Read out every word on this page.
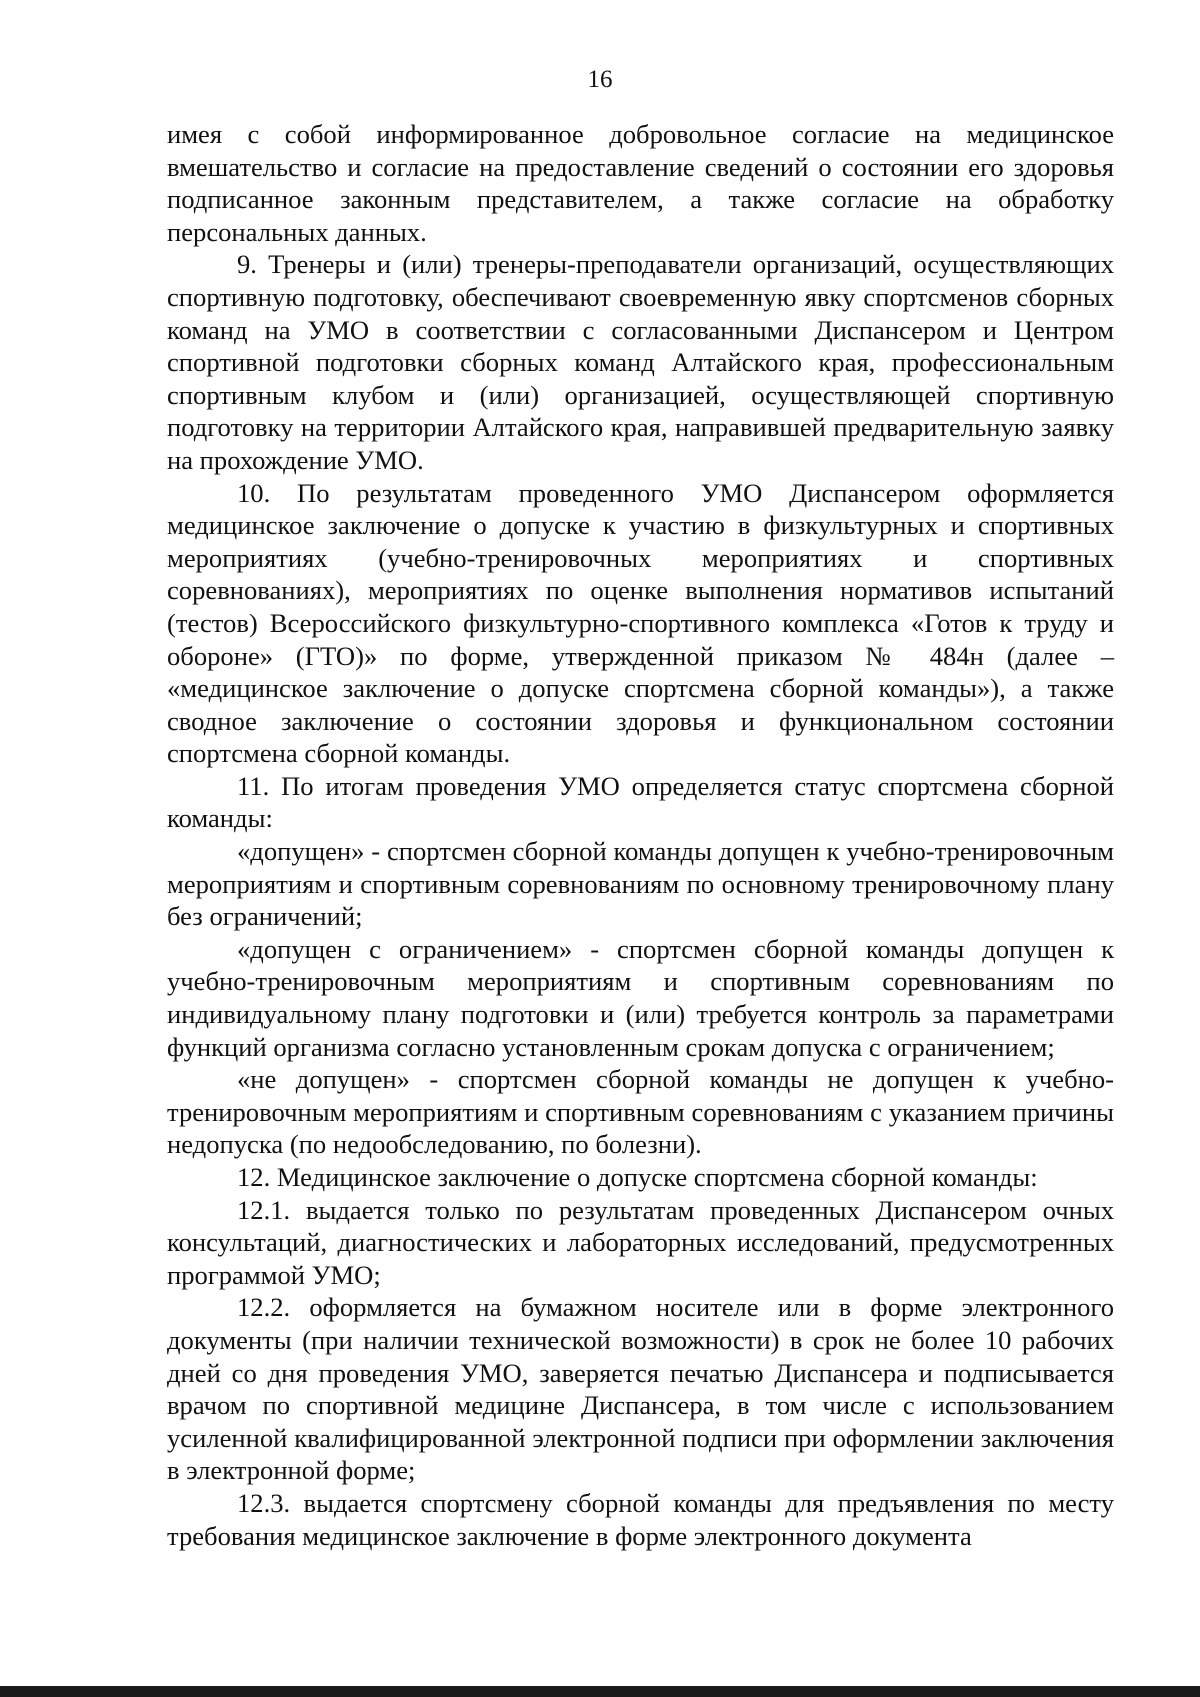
16

имея с собой информированное добровольное согласие на медицинское вмешательство и согласие на предоставление сведений о состоянии его здоровья подписанное законным представителем, а также согласие на обработку персональных данных.

9. Тренеры и (или) тренеры-преподаватели организаций, осуществляющих спортивную подготовку, обеспечивают своевременную явку спортсменов сборных команд на УМО в соответствии с согласованными Диспансером и Центром спортивной подготовки сборных команд Алтайского края, профессиональным спортивным клубом и (или) организацией, осуществляющей спортивную подготовку на территории Алтайского края, направившей предварительную заявку на прохождение УМО.

10. По результатам проведенного УМО Диспансером оформляется медицинское заключение о допуске к участию в физкультурных и спортивных мероприятиях (учебно-тренировочных мероприятиях и спортивных соревнованиях), мероприятиях по оценке выполнения нормативов испытаний (тестов) Всероссийского физкультурно-спортивного комплекса «Готов к труду и обороне» (ГТО)» по форме, утвержденной приказом № 484н (далее – «медицинское заключение о допуске спортсмена сборной команды»), а также сводное заключение о состоянии здоровья и функциональном состоянии спортсмена сборной команды.

11. По итогам проведения УМО определяется статус спортсмена сборной команды:

«допущен» - спортсмен сборной команды допущен к учебно-тренировочным мероприятиям и спортивным соревнованиям по основному тренировочному плану без ограничений;

«допущен с ограничением» - спортсмен сборной команды допущен к учебно-тренировочным мероприятиям и спортивным соревнованиям по индивидуальному плану подготовки и (или) требуется контроль за параметрами функций организма согласно установленным срокам допуска с ограничением;

«не допущен» - спортсмен сборной команды не допущен к учебно-тренировочным мероприятиям и спортивным соревнованиям с указанием причины недопуска (по недообследованию, по болезни).

12. Медицинское заключение о допуске спортсмена сборной команды:

12.1. выдается только по результатам проведенных Диспансером очных консультаций, диагностических и лабораторных исследований, предусмотренных программой УМО;

12.2. оформляется на бумажном носителе или в форме электронного документы (при наличии технической возможности) в срок не более 10 рабочих дней со дня проведения УМО, заверяется печатью Диспансера и подписывается врачом по спортивной медицине Диспансера, в том числе с использованием усиленной квалифицированной электронной подписи при оформлении заключения в электронной форме;

12.3. выдается спортсмену сборной команды для предъявления по месту требования медицинское заключение в форме электронного документа
